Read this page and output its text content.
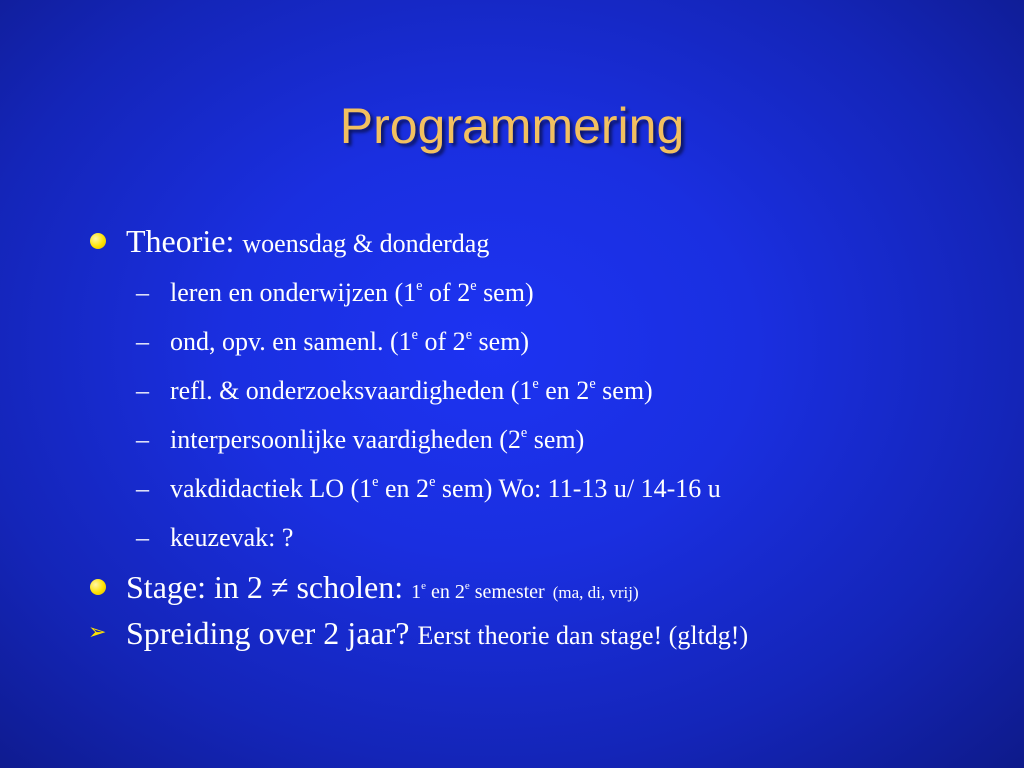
Programmering
Theorie: woensdag & donderdag
– leren en onderwijzen (1e of 2e sem)
– ond, opv. en samenl. (1e of 2e sem)
– refl. & onderzoeksvaardigheden (1e en 2e sem)
– interpersoonlijke vaardigheden (2e sem)
– vakdidactiek LO (1e en 2e sem) Wo: 11-13 u/ 14-16 u
– keuzevak: ?
Stage: in 2 ≠ scholen: 1e en 2e semester (ma, di, vrij)
➢ Spreiding over 2 jaar? Eerst theorie dan stage! (gltdg!)
